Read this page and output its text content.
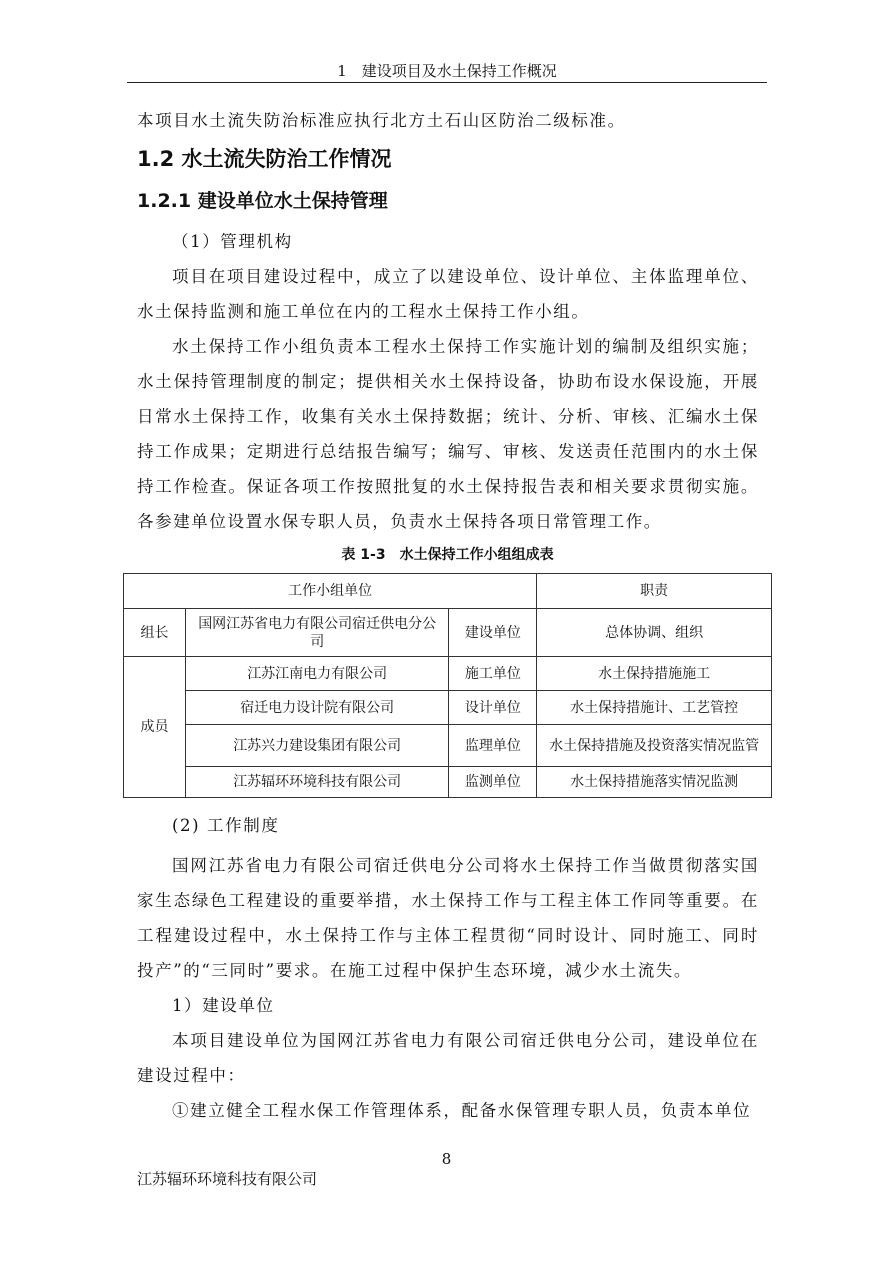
1　建设项目及水土保持工作概况
本项目水土流失防治标准应执行北方土石山区防治二级标准。
1.2 水土流失防治工作情况
1.2.1 建设单位水土保持管理
（1）管理机构
项目在项目建设过程中，成立了以建设单位、设计单位、主体监理单位、水土保持监测和施工单位在内的工程水土保持工作小组。
水土保持工作小组负责本工程水土保持工作实施计划的编制及组织实施；水土保持管理制度的制定；提供相关水土保持设备，协助布设水保设施，开展日常水土保持工作，收集有关水土保持数据；统计、分析、审核、汇编水土保持工作成果；定期进行总结报告编写；编写、审核、发送责任范围内的水土保持工作检查。保证各项工作按照批复的水土保持报告表和相关要求贯彻实施。各参建单位设置水保专职人员，负责水土保持各项日常管理工作。
表 1-3　水土保持工作小组组成表
工作小组单位			职责
组长	国网江苏省电力有限公司宿迁供电分公司	建设单位	总体协调、组织
成员	江苏江南电力有限公司	施工单位	水土保持措施施工
	宿迁电力设计院有限公司	设计单位	水土保持措施计、工艺管控
	江苏兴力建设集团有限公司	监理单位	水土保持措施及投资落实情况监管
	江苏辐环环境科技有限公司	监测单位	水土保持措施落实情况监测
(2) 工作制度
国网江苏省电力有限公司宿迁供电分公司将水土保持工作当做贯彻落实国家生态绿色工程建设的重要举措，水土保持工作与工程主体工作同等重要。在工程建设过程中，水土保持工作与主体工程贯彻“同时设计、同时施工、同时投产”的“三同时”要求。在施工过程中保护生态环境，减少水土流失。
1）建设单位
本项目建设单位为国网江苏省电力有限公司宿迁供电分公司，建设单位在建设过程中：
①建立健全工程水保工作管理体系，配备水保管理专职人员，负责本单位
8
江苏辐环环境科技有限公司
